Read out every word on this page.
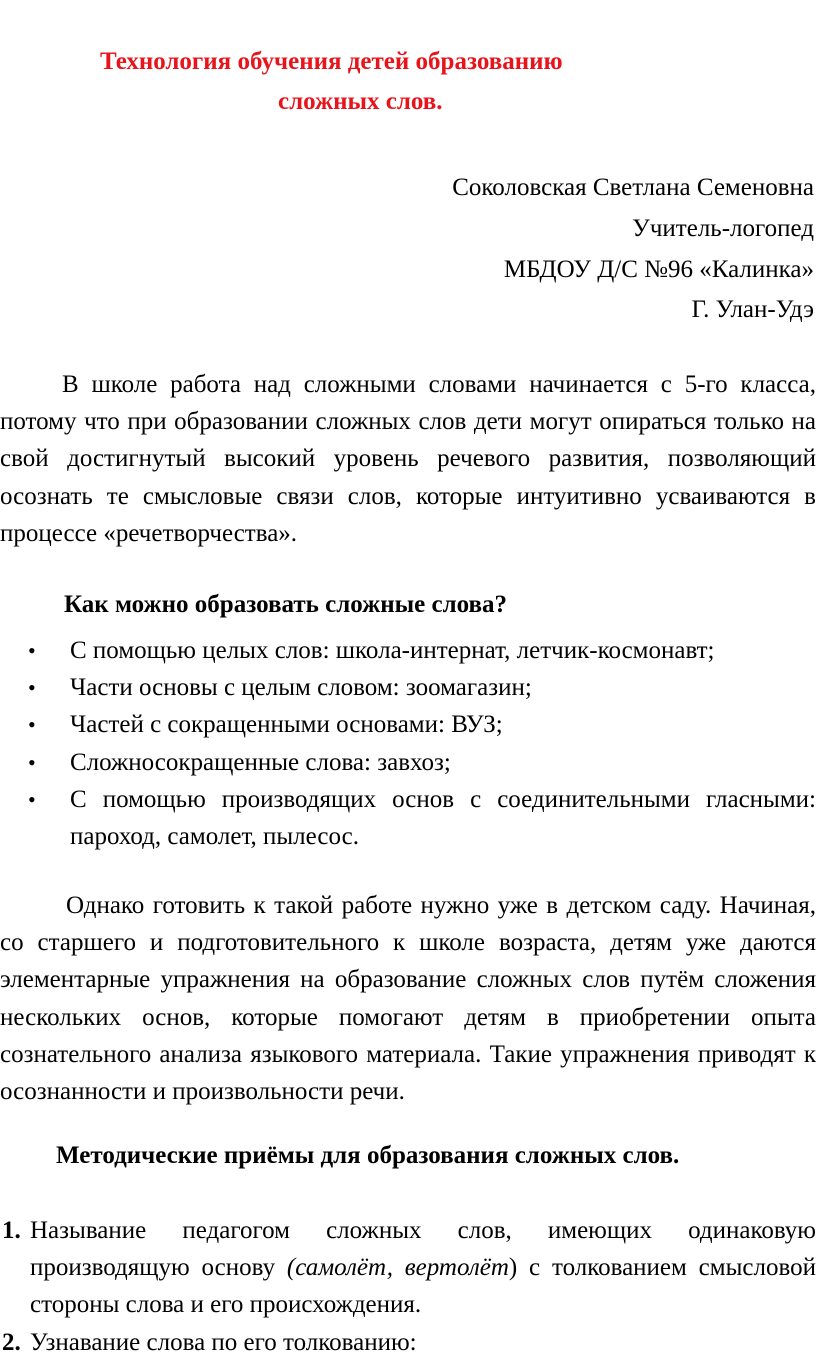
Технология обучения детей образованию
сложных слов.
Соколовская Светлана Семеновна
Учитель-логопед
МБДОУ Д/С №96 «Калинка»
Г. Улан-Удэ

В школе работа над сложными словами начинается с 5-го класса, потому что при образовании сложных слов дети могут опираться только на свой достигнутый высокий уровень речевого развития, позволяющий осознать те смысловые связи слов, которые интуитивно усваиваются в процессе «речетворчества».

Как можно образовать сложные слова?
• С помощью целых слов: школа-интернат, летчик-космонавт;
• Части основы с целым словом: зоомагазин;
• Частей с сокращенными основами: ВУЗ;
• Сложносокращенные слова: завхоз;
• С помощью производящих основ с соединительными гласными: пароход, самолет, пылесос.

Однако готовить к такой работе нужно уже в детском саду. Начиная, со старшего и подготовительного к школе возраста, детям уже даются элементарные упражнения на образование сложных слов путём сложения нескольких основ, которые помогают детям в приобретении опыта сознательного анализа языкового материала. Такие упражнения приводят к осознанности и произвольности речи.

Методические приёмы для образования сложных слов.
1. Называние педагогом сложных слов, имеющих одинаковую производящую основу (самолёт, вертолёт) с толкованием смысловой стороны слова и его происхождения.
2. Узнавание слова по его толкованию:
